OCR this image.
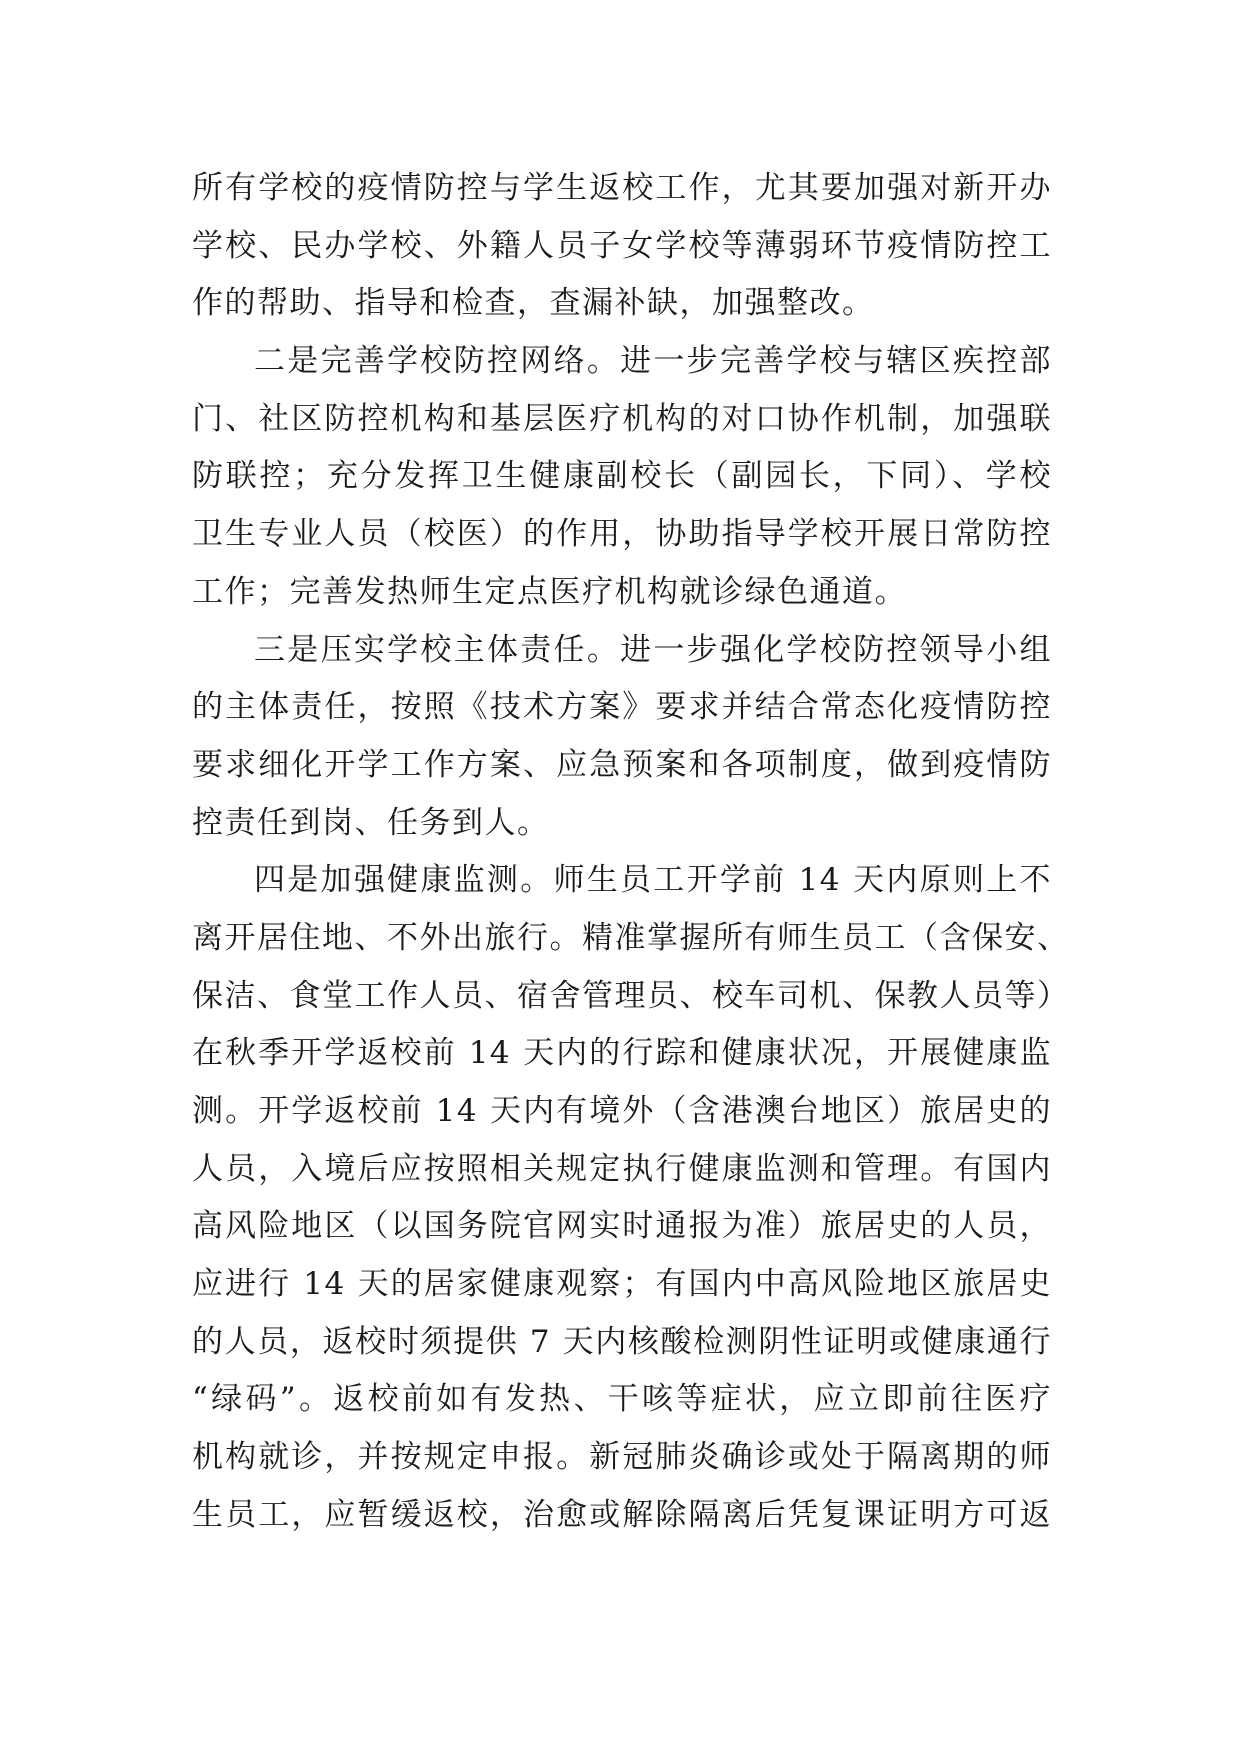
所有学校的疫情防控与学生返校工作，尤其要加强对新开办
学校、民办学校、外籍人员子女学校等薄弱环节疫情防控工
作的帮助、指导和检查，查漏补缺，加强整改。
二是完善学校防控网络。进一步完善学校与辖区疾控部
门、社区防控机构和基层医疗机构的对口协作机制，加强联
防联控；充分发挥卫生健康副校长（副园长，下同）、学校
卫生专业人员（校医）的作用，协助指导学校开展日常防控
工作；完善发热师生定点医疗机构就诊绿色通道。
三是压实学校主体责任。进一步强化学校防控领导小组
的主体责任，按照《技术方案》要求并结合常态化疫情防控
要求细化开学工作方案、应急预案和各项制度，做到疫情防
控责任到岗、任务到人。
四是加强健康监测。师生员工开学前 14 天内原则上不
离开居住地、不外出旅行。精准掌握所有师生员工（含保安、
保洁、食堂工作人员、宿舍管理员、校车司机、保教人员等）
在秋季开学返校前 14 天内的行踪和健康状况，开展健康监
测。开学返校前 14 天内有境外（含港澳台地区）旅居史的
人员，入境后应按照相关规定执行健康监测和管理。有国内
高风险地区（以国务院官网实时通报为准）旅居史的人员，
应进行 14 天的居家健康观察；有国内中高风险地区旅居史
的人员，返校时须提供 7 天内核酸检测阴性证明或健康通行
“绿码”。返校前如有发热、干咳等症状，应立即前往医疗
机构就诊，并按规定申报。新冠肺炎确诊或处于隔离期的师
生员工，应暂缓返校，治愈或解除隔离后凭复课证明方可返
